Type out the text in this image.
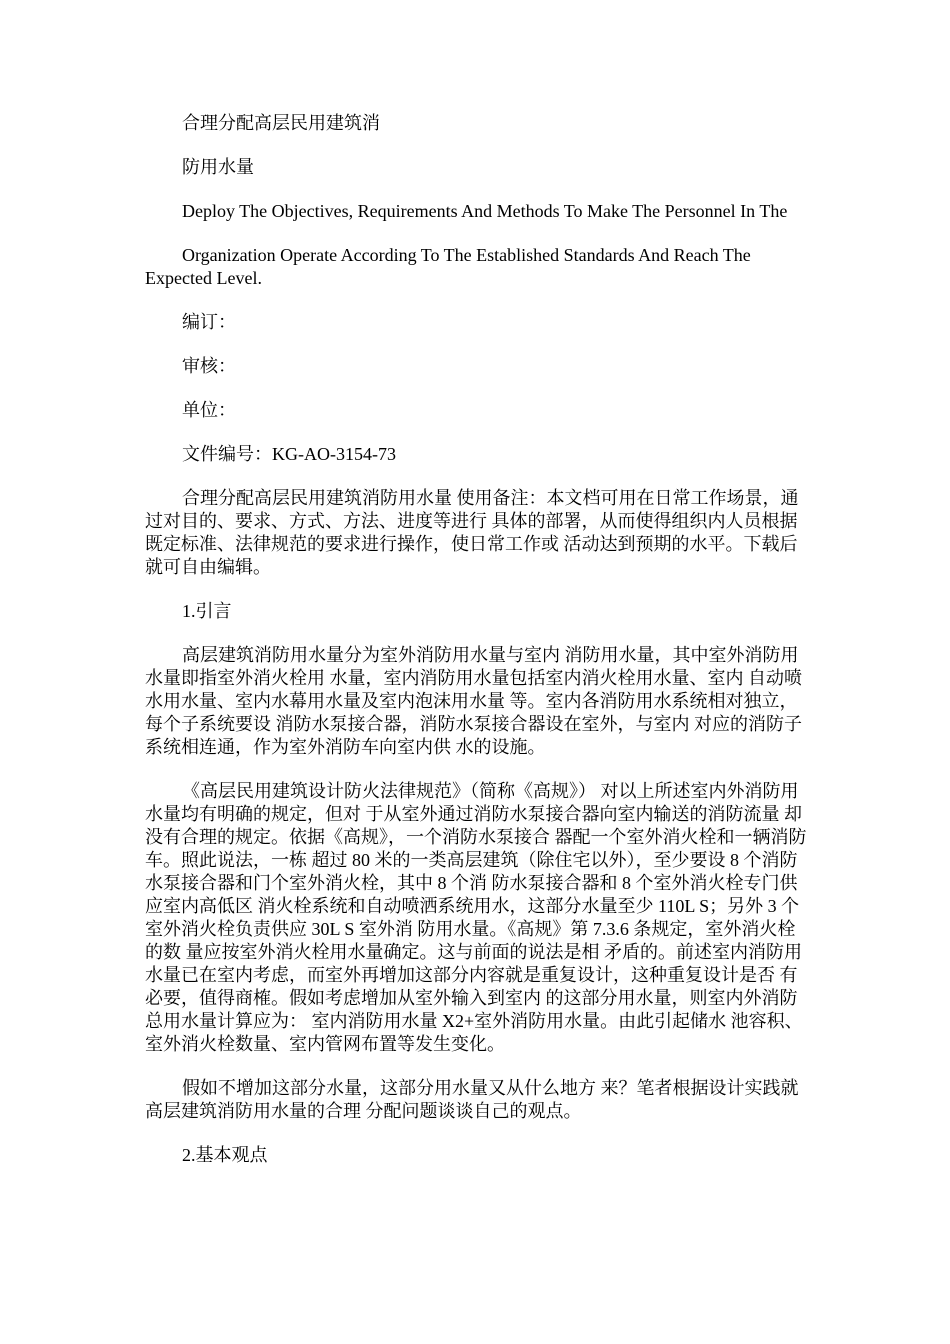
合理分配高层民用建筑消

防用水量

Deploy The Objectives, Requirements And Methods To Make The Personnel In The

Organization Operate According To The Established Standards And Reach The Expected Level.

编订：

审核：

单位：

文件编号：KG-AO-3154-73

合理分配高层民用建筑消防用水量 使用备注：本文档可用在日常工作场景，通过对目的、要求、方式、方法、进度等进行 具体的部署，从而使得组织内人员根据既定标准、法律规范的要求进行操作，使日常工作或 活动达到预期的水平。下载后就可自由编辑。

1.引言

高层建筑消防用水量分为室外消防用水量与室内 消防用水量，其中室外消防用水量即指室外消火栓用 水量，室内消防用水量包括室内消火栓用水量、室内 自动喷水用水量、室内水幕用水量及室内泡沫用水量 等。室内各消防用水系统相对独立，每个子系统要设 消防水泵接合器，消防水泵接合器设在室外，与室内 对应的消防子系统相连通，作为室外消防车向室内供 水的设施。

《高层民用建筑设计防火法律规范》（简称《高规》） 对以上所述室内外消防用水量均有明确的规定，但对 于从室外通过消防水泵接合器向室内输送的消防流量 却没有合理的规定。依据《高规》，一个消防水泵接合 器配一个室外消火栓和一辆消防车。照此说法，一栋 超过 80 米的一类高层建筑（除住宅以外），至少要设 8 个消防水泵接合器和门个室外消火栓，其中 8 个消 防水泵接合器和 8 个室外消火栓专门供应室内高低区 消火栓系统和自动喷洒系统用水，这部分水量至少 110L S；另外 3 个室外消火栓负责供应 30L S 室外消 防用水量。《高规》第 7.3.6 条规定，室外消火栓的数 量应按室外消火栓用水量确定。这与前面的说法是相 矛盾的。前述室内消防用水量已在室内考虑，而室外再增加这部分内容就是重复设计，这种重复设计是否 有必要，值得商榷。假如考虑增加从室外输入到室内 的这部分用水量，则室内外消防总用水量计算应为： 室内消防用水量 X2+室外消防用水量。由此引起储水 池容积、室外消火栓数量、室内管网布置等发生变化。

假如不增加这部分水量，这部分用水量又从什么地方 来？笔者根据设计实践就高层建筑消防用水量的合理 分配问题谈谈自己的观点。

2.基本观点
